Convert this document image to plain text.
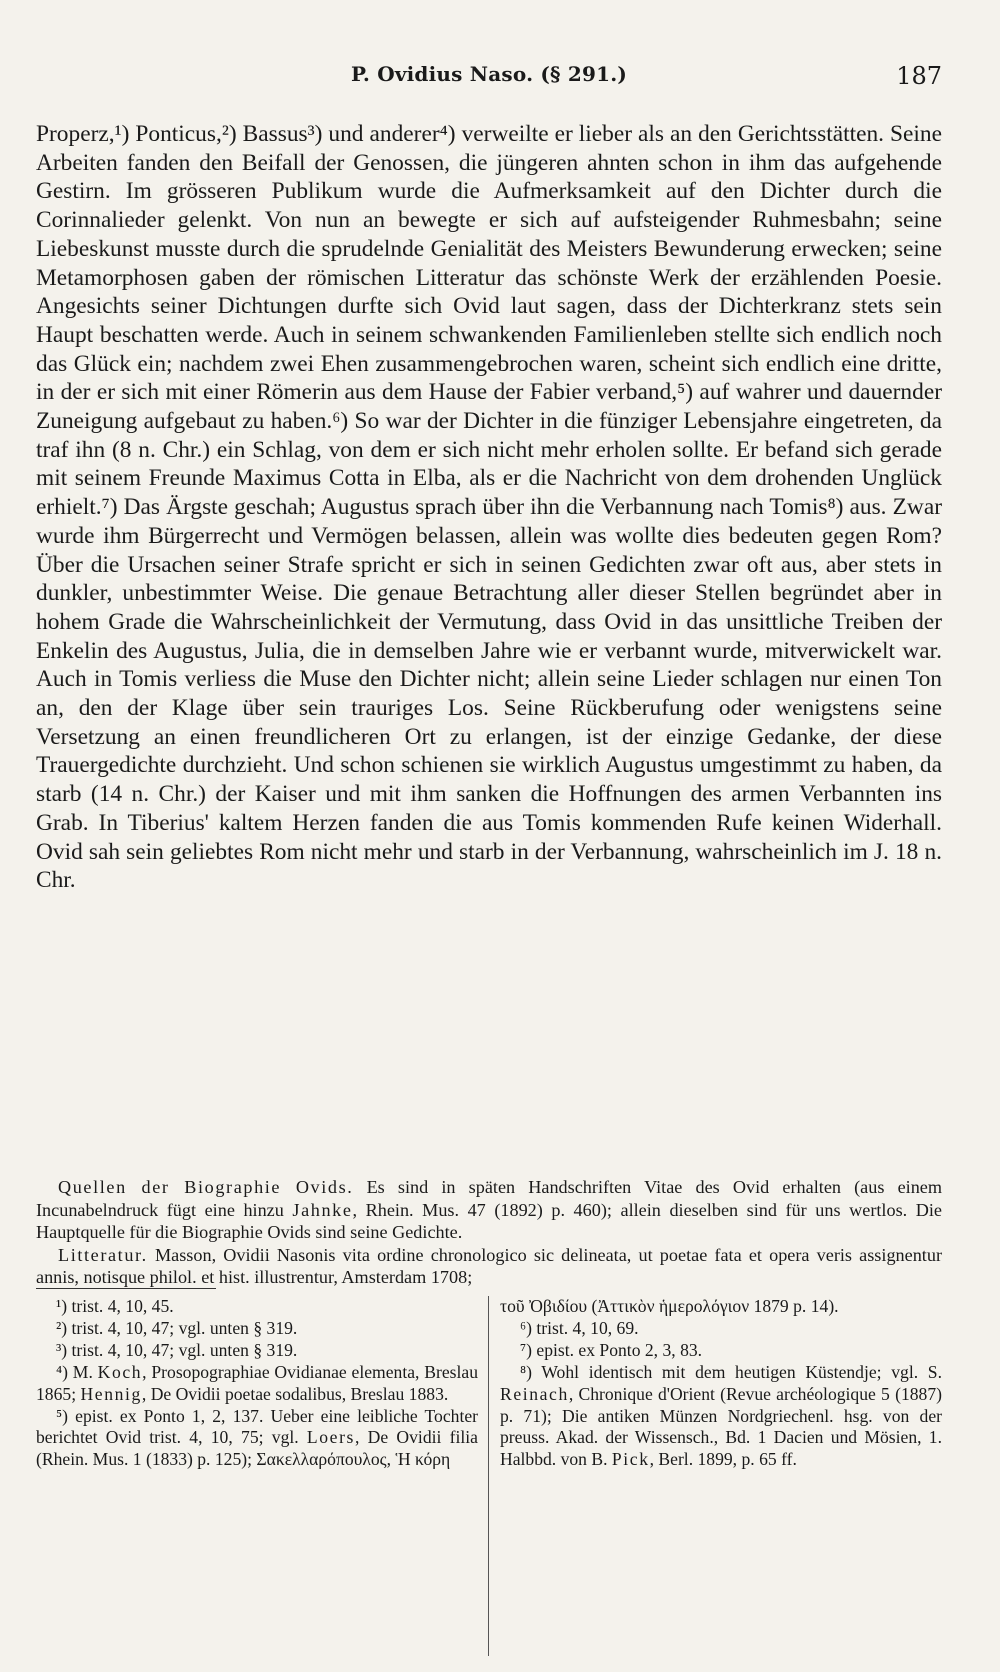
P. Ovidius Naso. (§ 291.)	187

Properz,¹) Ponticus,²) Bassus³) und anderer⁴) verweilte er lieber als an den Gerichtsstätten. Seine Arbeiten fanden den Beifall der Genossen, die jüngeren ahnten schon in ihm das aufgehende Gestirn. Im grösseren Publikum wurde die Aufmerksamkeit auf den Dichter durch die Corinnalieder gelenkt. Von nun an bewegte er sich auf aufsteigender Ruhmesbahn; seine Liebeskunst musste durch die sprudelnde Genialität des Meisters Bewunderung erwecken; seine Metamorphosen gaben der römischen Litteratur das schönste Werk der erzählenden Poesie. Angesichts seiner Dichtungen durfte sich Ovid laut sagen, dass der Dichterkranz stets sein Haupt beschatten werde. Auch in seinem schwankenden Familienleben stellte sich endlich noch das Glück ein; nachdem zwei Ehen zusammengebrochen waren, scheint sich endlich eine dritte, in der er sich mit einer Römerin aus dem Hause der Fabier verband,⁵) auf wahrer und dauernder Zuneigung aufgebaut zu haben.⁶) So war der Dichter in die fünziger Lebensjahre eingetreten, da traf ihn (8 n. Chr.) ein Schlag, von dem er sich nicht mehr erholen sollte. Er befand sich gerade mit seinem Freunde Maximus Cotta in Elba, als er die Nachricht von dem drohenden Unglück erhielt.⁷) Das Ärgste geschah; Augustus sprach über ihn die Verbannung nach Tomis⁸) aus. Zwar wurde ihm Bürgerrecht und Vermögen belassen, allein was wollte dies bedeuten gegen Rom? Über die Ursachen seiner Strafe spricht er sich in seinen Gedichten zwar oft aus, aber stets in dunkler, unbestimmter Weise. Die genaue Betrachtung aller dieser Stellen begründet aber in hohem Grade die Wahrscheinlichkeit der Vermutung, dass Ovid in das unsittliche Treiben der Enkelin des Augustus, Julia, die in demselben Jahre wie er verbannt wurde, mitverwickelt war. Auch in Tomis verliess die Muse den Dichter nicht; allein seine Lieder schlagen nur einen Ton an, den der Klage über sein trauriges Los. Seine Rückberufung oder wenigstens seine Versetzung an einen freundlicheren Ort zu erlangen, ist der einzige Gedanke, der diese Trauergedichte durchzieht. Und schon schienen sie wirklich Augustus umgestimmt zu haben, da starb (14 n. Chr.) der Kaiser und mit ihm sanken die Hoffnungen des armen Verbannten ins Grab. In Tiberius' kaltem Herzen fanden die aus Tomis kommenden Rufe keinen Widerhall. Ovid sah sein geliebtes Rom nicht mehr und starb in der Verbannung, wahrscheinlich im J. 18 n. Chr.

Quellen der Biographie Ovids. Es sind in späten Handschriften Vitae des Ovid erhalten (aus einem Incunabelndruck fügt eine hinzu Jahnke, Rhein. Mus. 47 (1892) p. 460); allein dieselben sind für uns wertlos. Die Hauptquelle für die Biographie Ovids sind seine Gedichte.

Litteratur. Masson, Ovidii Nasonis vita ordine chronologico sic delineata, ut poetae fata et opera veris assignentur annis, notisque philol. et hist. illustrentur, Amsterdam 1708;

¹) trist. 4, 10, 45.

²) trist. 4, 10, 47; vgl. unten § 319.

³) trist. 4, 10, 47; vgl. unten § 319.

⁴) M. Koch, Prosopographiae Ovidianae elementa, Breslau 1865; Hennig, De Ovidii poetae sodalibus, Breslau 1883.

⁵) epist. ex Ponto 1, 2, 137. Ueber eine leibliche Tochter berichtet Ovid trist. 4, 10, 75; vgl. Loers, De Ovidii filia (Rhein. Mus. 1 (1833) p. 125); Σακελλαρόπουλος, Ἡ κόρη

τοῦ Ὀβιδίου (Ἀττικὸν ἡμερολόγιον 1879 p. 14).

⁶) trist. 4, 10, 69.

⁷) epist. ex Ponto 2, 3, 83.

⁸) Wohl identisch mit dem heutigen Küstendje; vgl. S. Reinach, Chronique d'Orient (Revue archéologique 5 (1887) p. 71); Die antiken Münzen Nordgriechenl. hsg. von der preuss. Akad. der Wissensch., Bd. 1 Dacien und Mösien, 1. Halbbd. von B. Pick, Berl. 1899, p. 65 ff.
